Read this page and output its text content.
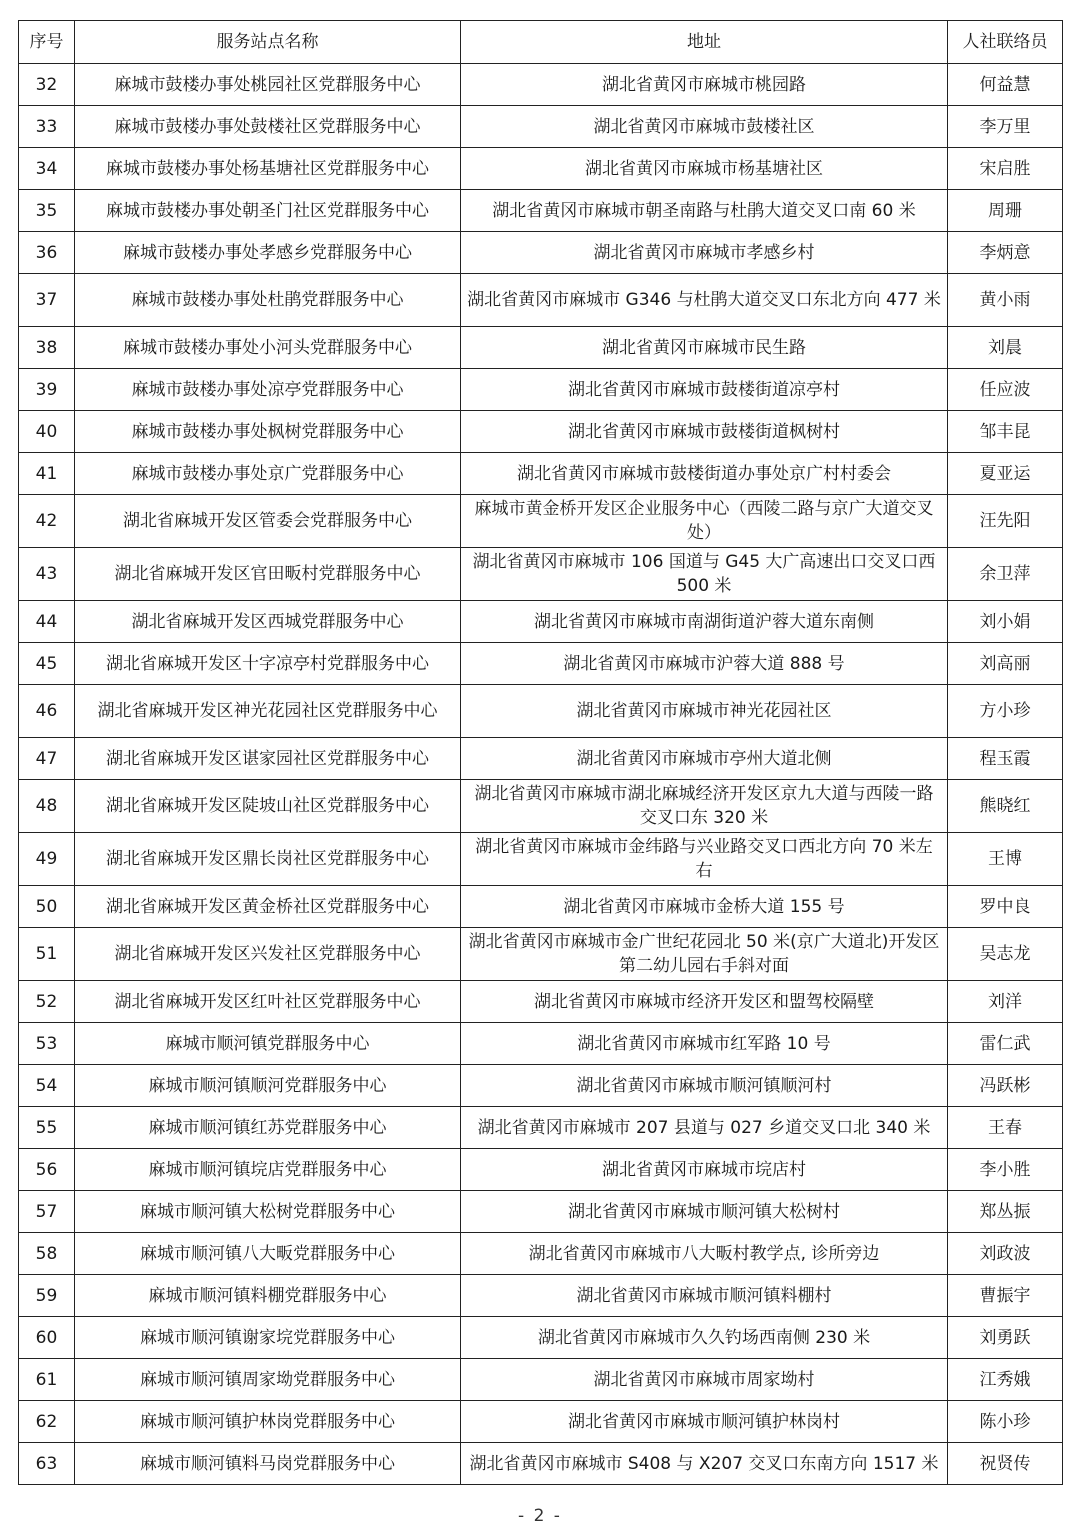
序号	服务站点名称	地址	人社联络员
32	麻城市鼓楼办事处桃园社区党群服务中心	湖北省黄冈市麻城市桃园路	何益慧
33	麻城市鼓楼办事处鼓楼社区党群服务中心	湖北省黄冈市麻城市鼓楼社区	李万里
34	麻城市鼓楼办事处杨基塘社区党群服务中心	湖北省黄冈市麻城市杨基塘社区	宋启胜
35	麻城市鼓楼办事处朝圣门社区党群服务中心	湖北省黄冈市麻城市朝圣南路与杜鹃大道交叉口南 60 米	周珊
36	麻城市鼓楼办事处孝感乡党群服务中心	湖北省黄冈市麻城市孝感乡村	李炳意
37	麻城市鼓楼办事处杜鹃党群服务中心	湖北省黄冈市麻城市 G346 与杜鹃大道交叉口东北方向 477 米	黄小雨
38	麻城市鼓楼办事处小河头党群服务中心	湖北省黄冈市麻城市民生路	刘晨
39	麻城市鼓楼办事处凉亭党群服务中心	湖北省黄冈市麻城市鼓楼街道凉亭村	任应波
40	麻城市鼓楼办事处枫树党群服务中心	湖北省黄冈市麻城市鼓楼街道枫树村	邹丰昆
41	麻城市鼓楼办事处京广党群服务中心	湖北省黄冈市麻城市鼓楼街道办事处京广村村委会	夏亚运
42	湖北省麻城开发区管委会党群服务中心	麻城市黄金桥开发区企业服务中心（西陵二路与京广大道交叉处）	汪先阳
43	湖北省麻城开发区官田畈村党群服务中心	湖北省黄冈市麻城市 106 国道与 G45 大广高速出口交叉口西 500 米	余卫萍
44	湖北省麻城开发区西城党群服务中心	湖北省黄冈市麻城市南湖街道沪蓉大道东南侧	刘小娟
45	湖北省麻城开发区十字凉亭村党群服务中心	湖北省黄冈市麻城市沪蓉大道 888 号	刘高丽
46	湖北省麻城开发区神光花园社区党群服务中心	湖北省黄冈市麻城市神光花园社区	方小珍
47	湖北省麻城开发区谌家园社区党群服务中心	湖北省黄冈市麻城市亭州大道北侧	程玉霞
48	湖北省麻城开发区陡坡山社区党群服务中心	湖北省黄冈市麻城市湖北麻城经济开发区京九大道与西陵一路交叉口东 320 米	熊晓红
49	湖北省麻城开发区鼎长岗社区党群服务中心	湖北省黄冈市麻城市金纬路与兴业路交叉口西北方向 70 米左右	王博
50	湖北省麻城开发区黄金桥社区党群服务中心	湖北省黄冈市麻城市金桥大道 155 号	罗中良
51	湖北省麻城开发区兴发社区党群服务中心	湖北省黄冈市麻城市金广世纪花园北 50 米(京广大道北)开发区第二幼儿园右手斜对面	吴志龙
52	湖北省麻城开发区红叶社区党群服务中心	湖北省黄冈市麻城市经济开发区和盟驾校隔壁	刘洋
53	麻城市顺河镇党群服务中心	湖北省黄冈市麻城市红军路 10 号	雷仁武
54	麻城市顺河镇顺河党群服务中心	湖北省黄冈市麻城市顺河镇顺河村	冯跃彬
55	麻城市顺河镇红苏党群服务中心	湖北省黄冈市麻城市 207 县道与 027 乡道交叉口北 340 米	王春
56	麻城市顺河镇垸店党群服务中心	湖北省黄冈市麻城市垸店村	李小胜
57	麻城市顺河镇大松树党群服务中心	湖北省黄冈市麻城市顺河镇大松树村	郑丛振
58	麻城市顺河镇八大畈党群服务中心	湖北省黄冈市麻城市八大畈村教学点, 诊所旁边	刘政波
59	麻城市顺河镇料棚党群服务中心	湖北省黄冈市麻城市顺河镇料棚村	曹振宇
60	麻城市顺河镇谢家垸党群服务中心	湖北省黄冈市麻城市久久钓场西南侧 230 米	刘勇跃
61	麻城市顺河镇周家坳党群服务中心	湖北省黄冈市麻城市周家坳村	江秀娥
62	麻城市顺河镇护林岗党群服务中心	湖北省黄冈市麻城市顺河镇护林岗村	陈小珍
63	麻城市顺河镇料马岗党群服务中心	湖北省黄冈市麻城市 S408 与 X207 交叉口东南方向 1517 米	祝贤传
- 2 -
